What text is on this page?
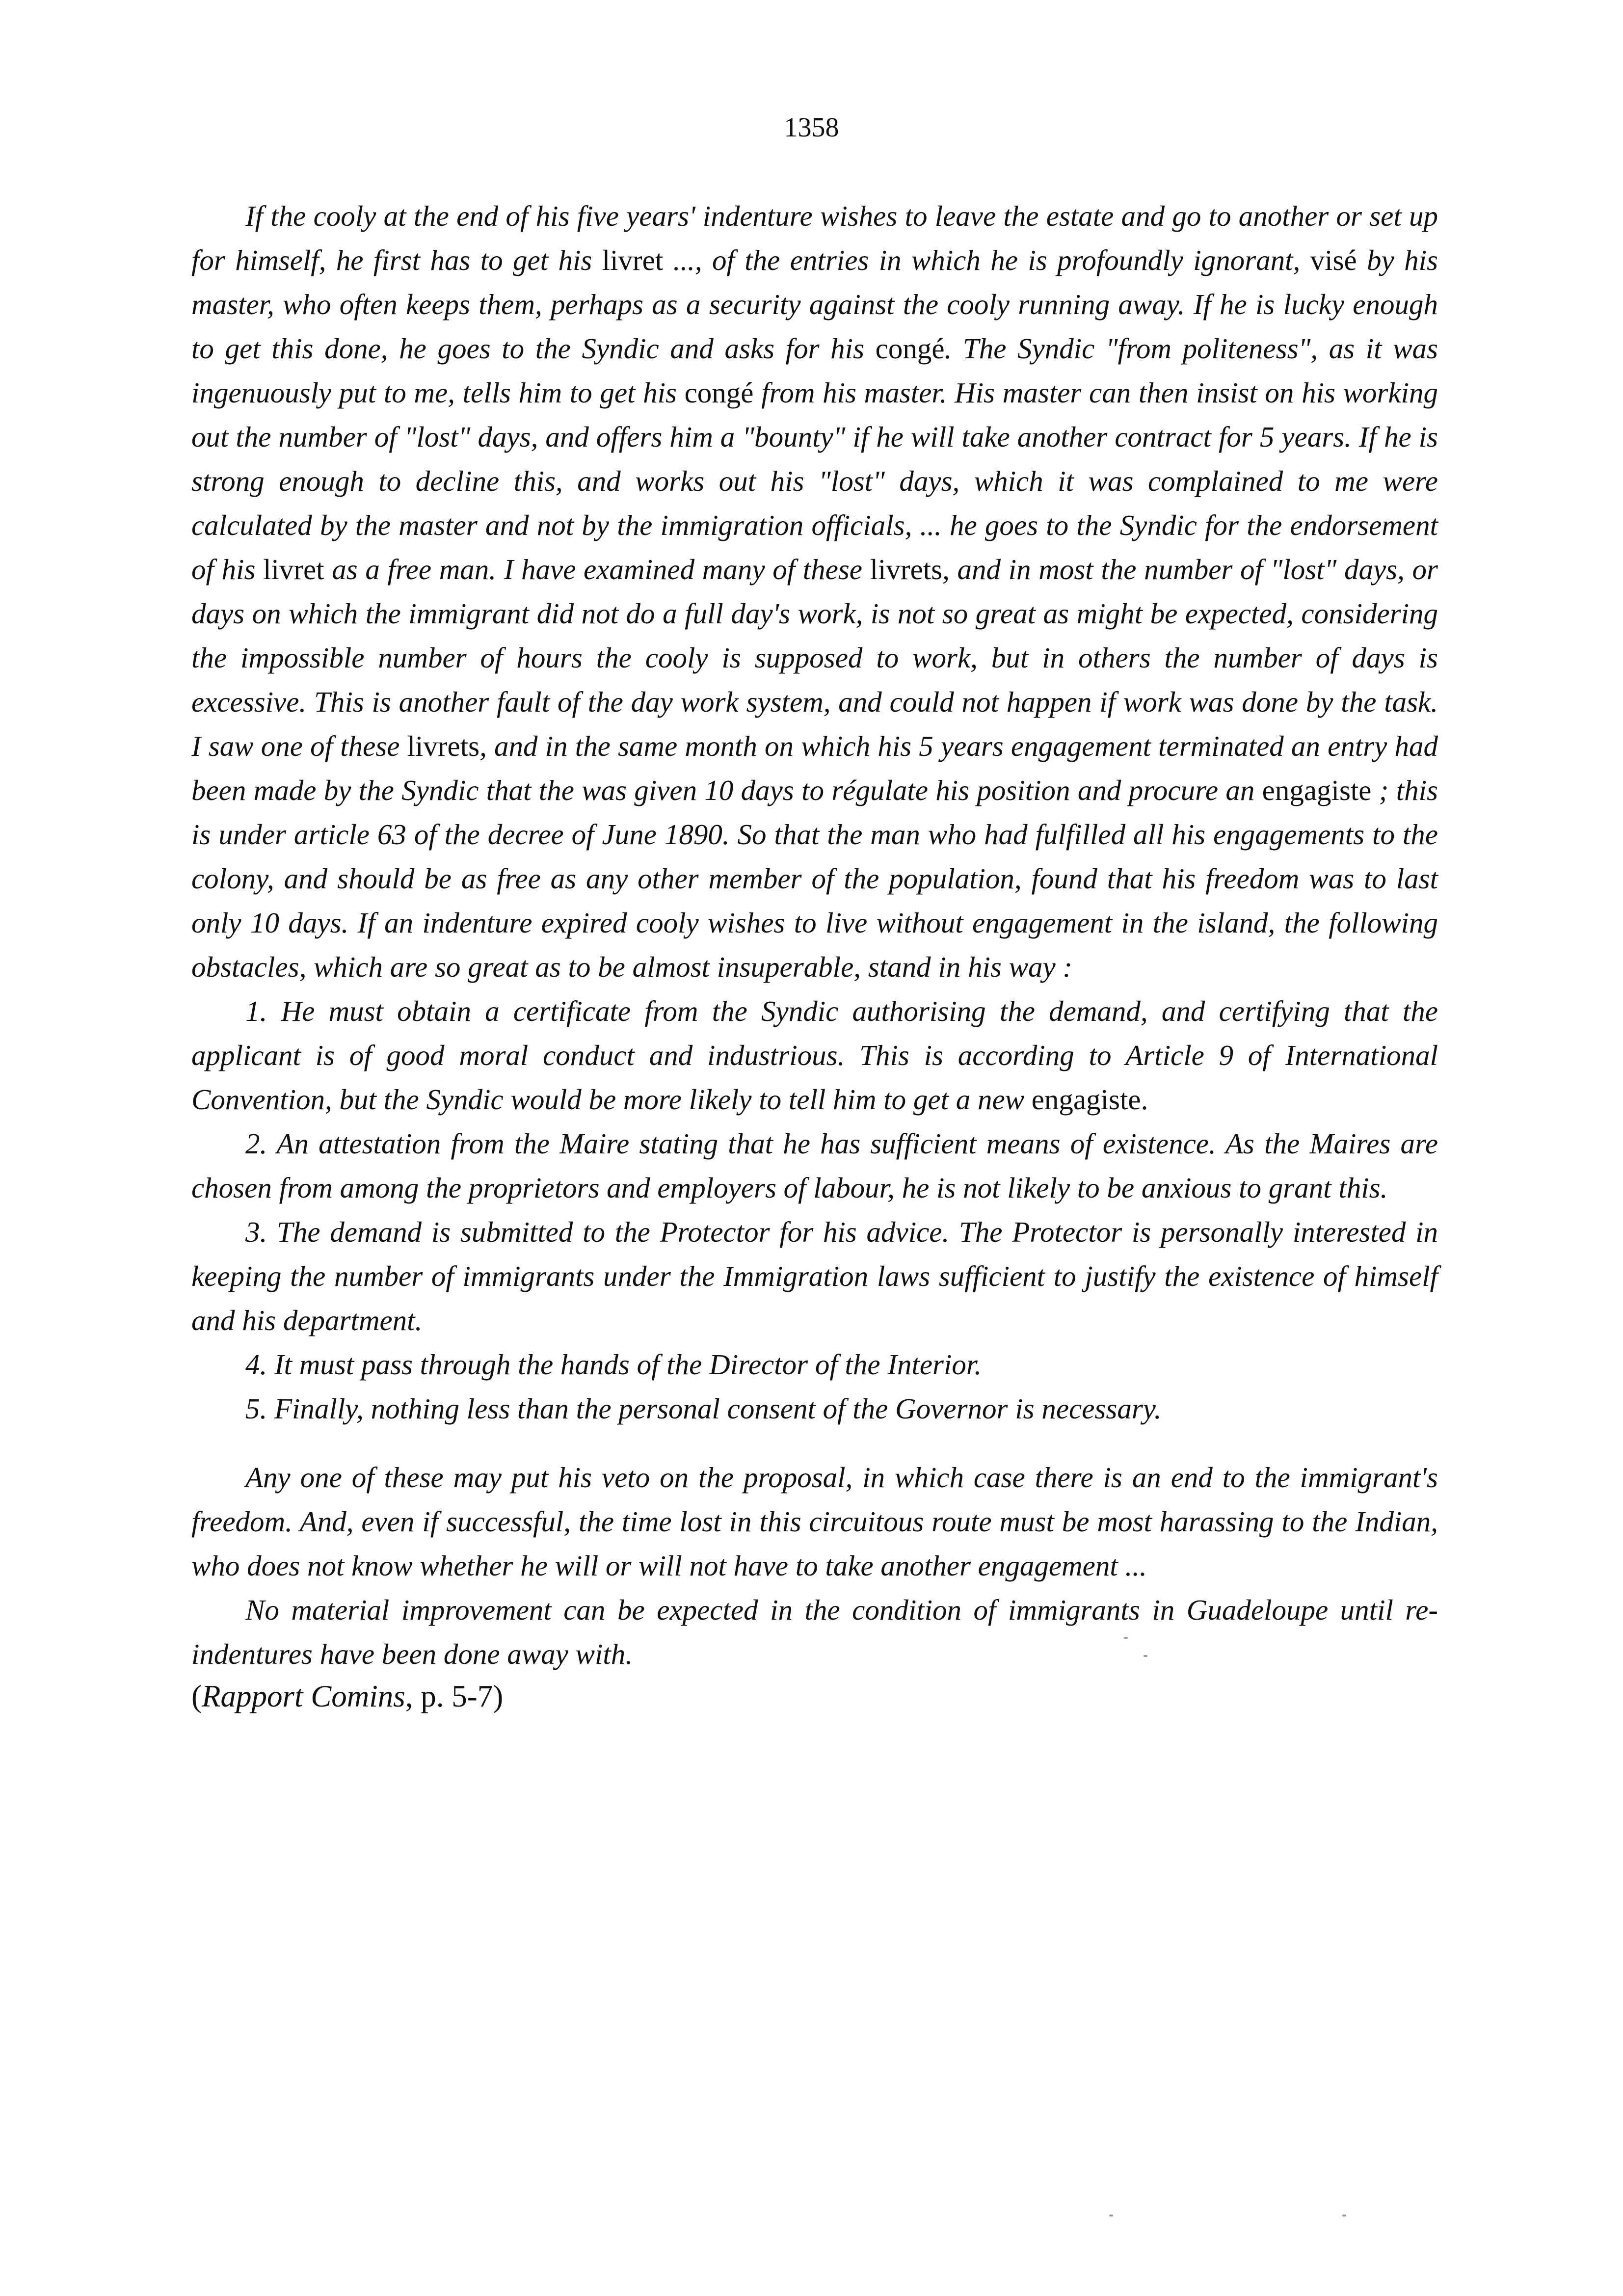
1358

If the cooly at the end of his five years' indenture wishes to leave the estate and go to another or set up for himself, he first has to get his livret ..., of the entries in which he is profoundly ignorant, visé by his master, who often keeps them, perhaps as a security against the cooly running away. If he is lucky enough to get this done, he goes to the Syndic and asks for his congé. The Syndic "from politeness", as it was ingenuously put to me, tells him to get his congé from his master. His master can then insist on his working out the number of "lost" days, and offers him a "bounty" if he will take another contract for 5 years. If he is strong enough to decline this, and works out his "lost" days, which it was complained to me were calculated by the master and not by the immigration officials, ... he goes to the Syndic for the endorsement of his livret as a free man. I have examined many of these livrets, and in most the number of "lost" days, or days on which the immigrant did not do a full day's work, is not so great as might be expected, considering the impossible number of hours the cooly is supposed to work, but in others the number of days is excessive. This is another fault of the day work system, and could not happen if work was done by the task. I saw one of these livrets, and in the same month on which his 5 years engagement terminated an entry had been made by the Syndic that the was given 10 days to régulate his position and procure an engagiste ; this is under article 63 of the decree of June 1890. So that the man who had fulfilled all his engagements to the colony, and should be as free as any other member of the population, found that his freedom was to last only 10 days. If an indenture expired cooly wishes to live without engagement in the island, the following obstacles, which are so great as to be almost insuperable, stand in his way :

1. He must obtain a certificate from the Syndic authorising the demand, and certifying that the applicant is of good moral conduct and industrious. This is according to Article 9 of International Convention, but the Syndic would be more likely to tell him to get a new engagiste.

2. An attestation from the Maire stating that he has sufficient means of existence. As the Maires are chosen from among the proprietors and employers of labour, he is not likely to be anxious to grant this.

3. The demand is submitted to the Protector for his advice. The Protector is personally interested in keeping the number of immigrants under the Immigration laws sufficient to justify the existence of himself and his department.

4. It must pass through the hands of the Director of the Interior.

5. Finally, nothing less than the personal consent of the Governor is necessary.

Any one of these may put his veto on the proposal, in which case there is an end to the immigrant's freedom. And, even if successful, the time lost in this circuitous route must be most harassing to the Indian, who does not know whether he will or will not have to take another engagement ...

No material improvement can be expected in the condition of immigrants in Guadeloupe until re-indentures have been done away with.

(Rapport Comins, p. 5-7)
